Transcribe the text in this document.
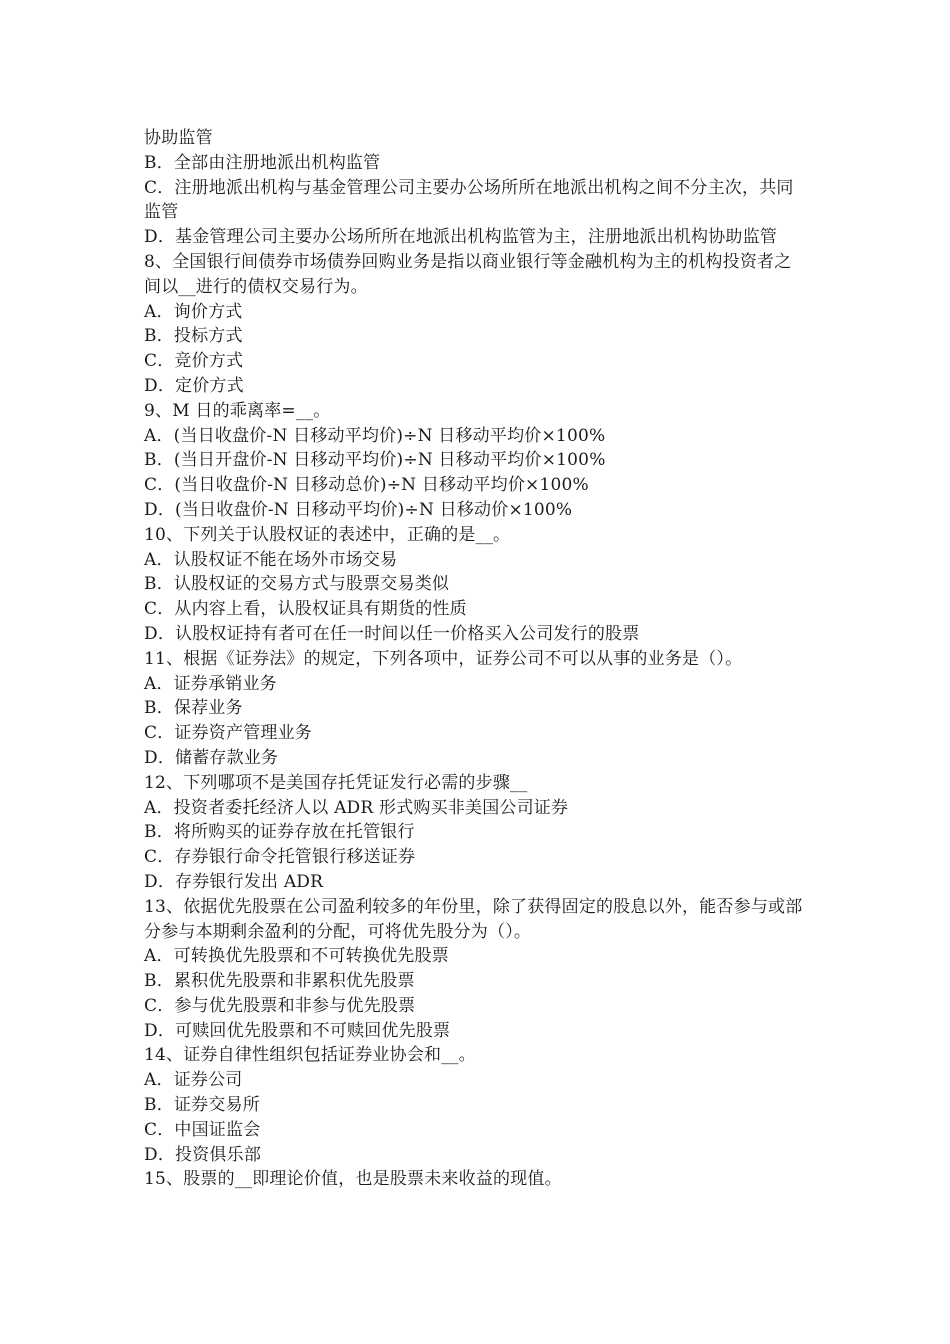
协助监管

B．全部由注册地派出机构监管

C．注册地派出机构与基金管理公司主要办公场所所在地派出机构之间不分主次，共同监管

D．基金管理公司主要办公场所所在地派出机构监管为主，注册地派出机构协助监管

8、全国银行间债券市场债券回购业务是指以商业银行等金融机构为主的机构投资者之间以__进行的债权交易行为。

A．询价方式

B．投标方式

C．竞价方式

D．定价方式

9、M 日的乖离率=__。

A．(当日收盘价-N 日移动平均价)÷N 日移动平均价×100%

B．(当日开盘价-N 日移动平均价)÷N 日移动平均价×100%

C．(当日收盘价-N 日移动总价)÷N 日移动平均价×100%

D．(当日收盘价-N 日移动平均价)÷N 日移动价×100%

10、下列关于认股权证的表述中，正确的是__。

A．认股权证不能在场外市场交易

B．认股权证的交易方式与股票交易类似

C．从内容上看，认股权证具有期货的性质

D．认股权证持有者可在任一时间以任一价格买入公司发行的股票

11、根据《证券法》的规定，下列各项中，证券公司不可以从事的业务是（）。

A．证券承销业务

B．保荐业务

C．证券资产管理业务

D．储蓄存款业务

12、下列哪项不是美国存托凭证发行必需的步骤__

A．投资者委托经济人以 ADR 形式购买非美国公司证券

B．将所购买的证券存放在托管银行

C．存券银行命令托管银行移送证券

D．存券银行发出 ADR

13、依据优先股票在公司盈利较多的年份里，除了获得固定的股息以外，能否参与或部分参与本期剩余盈利的分配，可将优先股分为（）。

A．可转换优先股票和不可转换优先股票

B．累积优先股票和非累积优先股票

C．参与优先股票和非参与优先股票

D．可赎回优先股票和不可赎回优先股票

14、证券自律性组织包括证券业协会和__。

A．证券公司

B．证券交易所

C．中国证监会

D．投资俱乐部

15、股票的__即理论价值，也是股票未来收益的现值。
